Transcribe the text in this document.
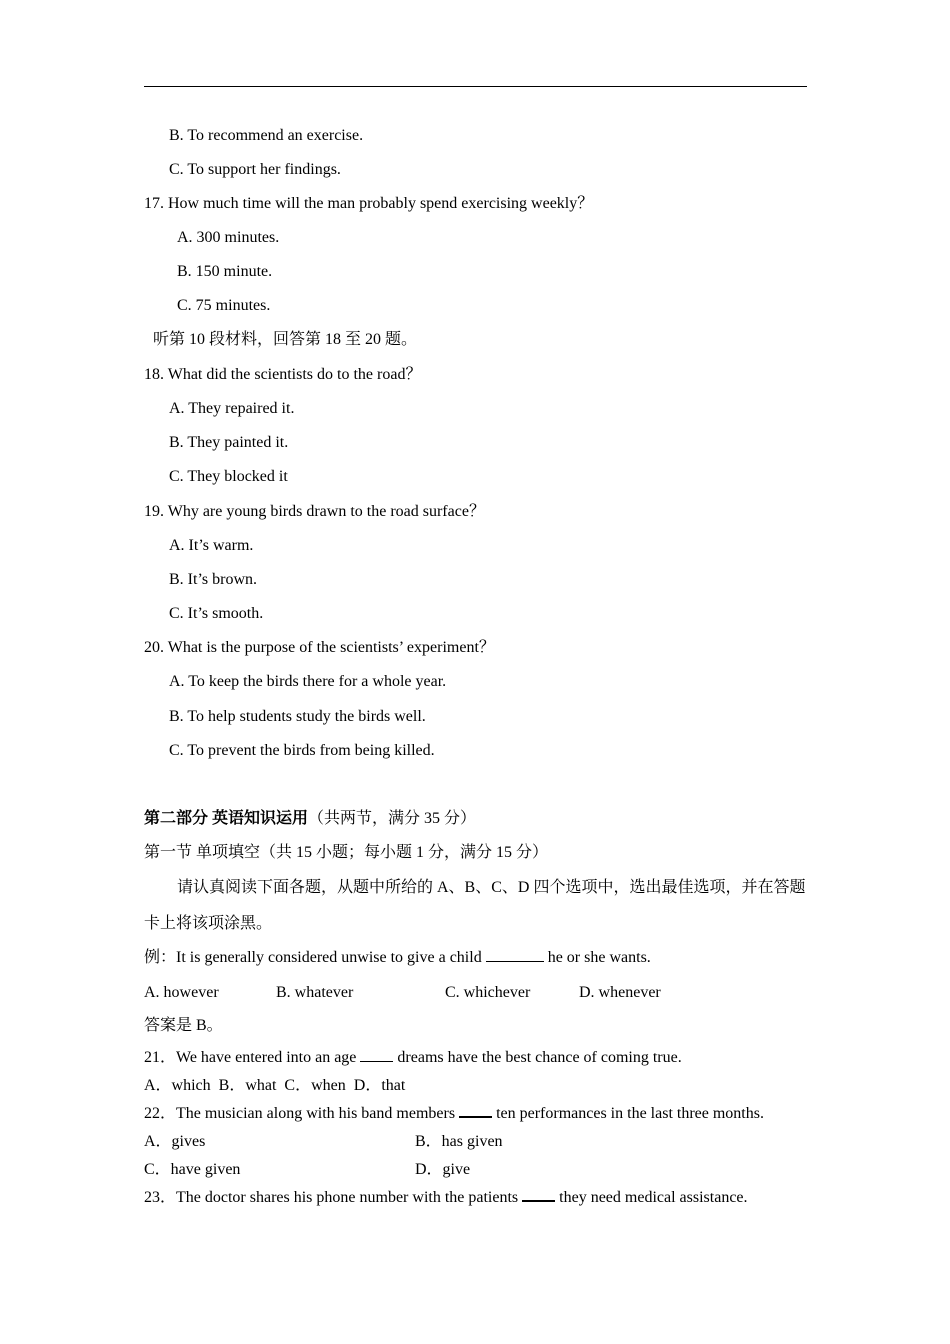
B. To recommend an exercise.
C. To support her findings.
17. How much time will the man probably spend exercising weekly？
A. 300 minutes.
B. 150 minute.
C. 75 minutes.
听第 10 段材料，回答第 18 至 20 题。
18. What did the scientists do to the road？
A. They repaired it.
B. They painted it.
C. They blocked it
19. Why are young birds drawn to the road surface？
A. It’s warm.
B. It’s brown.
C. It’s smooth.
20. What is the purpose of the scientists’ experiment？
A. To keep the birds there for a whole year.
B. To help students study the birds well.
C. To prevent the birds from being killed.
第二部分 英语知识运用（共两节，满分 35 分）
第一节 单项填空（共 15 小题；每小题 1 分，满分 15 分）
请认真阅读下面各题，从题中所给的 A、B、C、D 四个选项中，选出最佳选项，并在答题
卡上将该项涂黑。
例：It is generally considered unwise to give a child	he or she wants.
A. however	B. whatever	C. whichever	D. whenever
答案是 B。
21．We have entered into an age	dreams have the best chance of coming true.
A．which  B．what  C．when  D．that
22．The musician along with his band members	ten performances in the last three months.
A．gives	B．has given
C．have given	D．give
23．The doctor shares his phone number with the patients	they need medical assistance.
